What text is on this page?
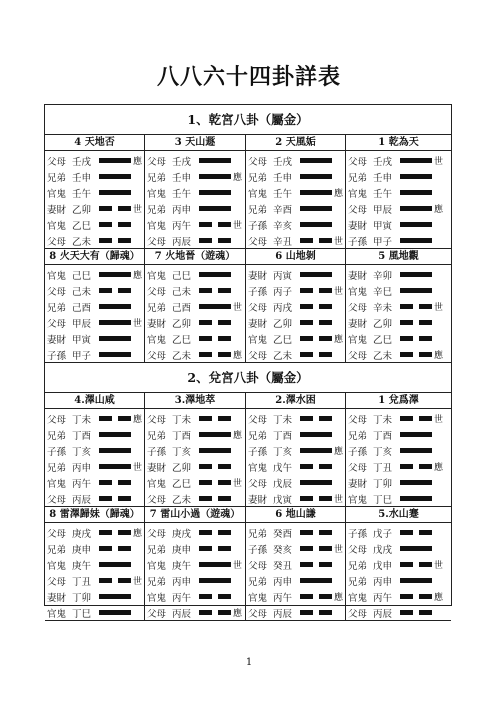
八八六十四卦詳表
1、乾宮八卦（屬金）
4 天地否
父母 壬戌	應
兄弟 壬申
官鬼 壬午
妻財 乙卯	世
官鬼 乙巳
父母 乙未
3 天山遯
父母 壬戌
兄弟 壬申	應
官鬼 壬午
兄弟 丙申
官鬼 丙午	世
父母 丙辰
2 天風姤
父母 壬戌
兄弟 壬申
官鬼 壬午	應
兄弟 辛酉
子孫 辛亥
父母 辛丑	世
1 乾為天
父母 壬戌	世
兄弟 壬申
官鬼 壬午
父母 甲辰	應
妻財 甲寅
子孫 甲子
8 火天大有（歸魂）
官鬼 己巳	應
父母 己未
兄弟 己酉
父母 甲辰	世
妻財 甲寅
子孫 甲子
7 火地晉（遊魂）
官鬼 己巳
父母 己未
兄弟 己酉	世
妻財 乙卯
官鬼 乙巳
父母 乙未	應
6 山地剝
妻財 丙寅
子孫 丙子	世
父母 丙戌
妻財 乙卯
官鬼 乙巳	應
父母 乙未
5 風地觀
妻財 辛卯
官鬼 辛巳
父母 辛未	世
妻財 乙卯
官鬼 乙巳
父母 乙未	應
2、兌宮八卦（屬金）
4.澤山咸
父母 丁未	應
兄弟 丁酉
子孫 丁亥
兄弟 丙申	世
官鬼 丙午
父母 丙辰
3.澤地萃
父母 丁未
兄弟 丁酉	應
子孫 丁亥
妻財 乙卯
官鬼 乙巳	世
父母 乙未
2.澤水困
父母 丁未
兄弟 丁酉
子孫 丁亥	應
官鬼 戊午
父母 戊辰
妻財 戊寅	世
1 兌爲澤
父母 丁未	世
兄弟 丁酉
子孫 丁亥
父母 丁丑	應
妻財 丁卯
官鬼 丁巳
8 雷澤歸妹（歸魂）
父母 庚戌	應
兄弟 庚申
官鬼 庚午
父母 丁丑	世
妻財 丁卯
官鬼 丁巳
7 雷山小過（遊魂）
父母 庚戌
兄弟 庚申
官鬼 庚午	世
兄弟 丙申
官鬼 丙午
父母 丙辰	應
6 地山謙
兄弟 癸酉
子孫 癸亥	世
父母 癸丑
兄弟 丙申
官鬼 丙午	應
父母 丙辰
5.水山蹇
子孫 戊子
父母 戊戌
兄弟 戊申	世
兄弟 丙申
官鬼 丙午	應
父母 丙辰
1
